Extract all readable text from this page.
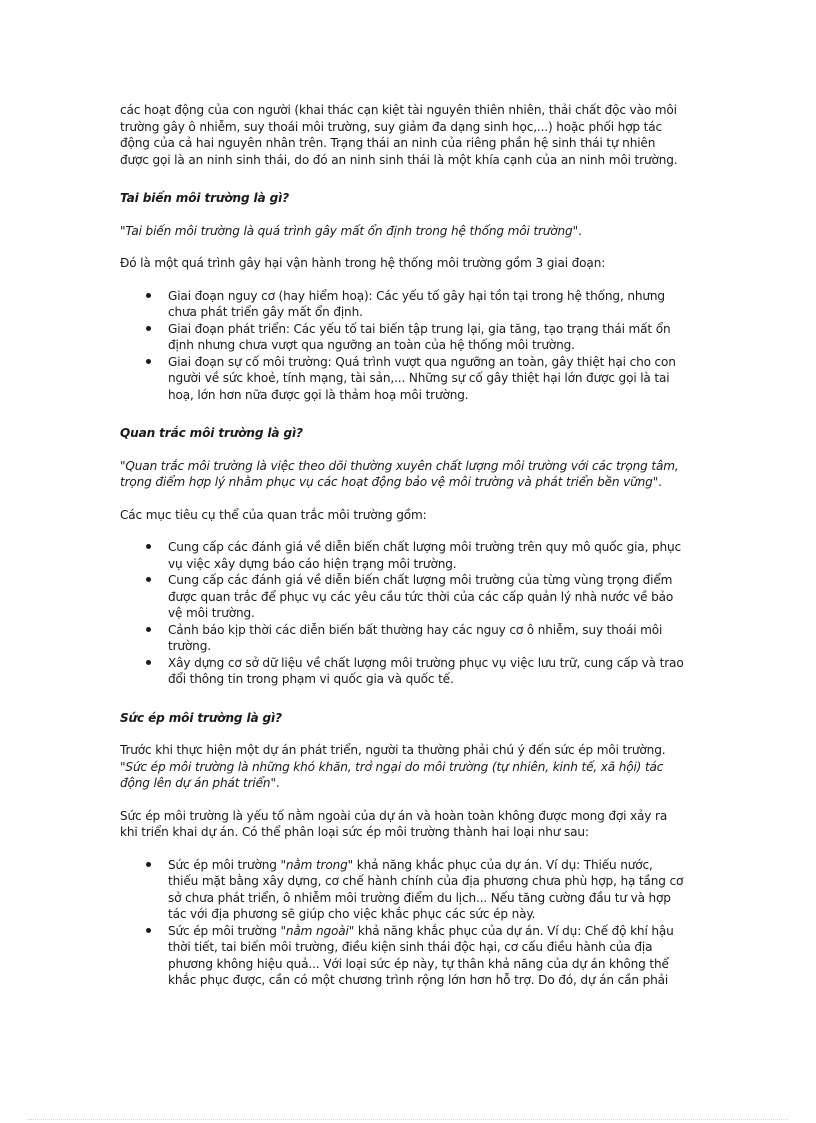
các hoạt động của con người (khai thác cạn kiệt tài nguyên thiên nhiên, thải chất độc vào môi trường gây ô nhiễm, suy thoái môi trường, suy giảm đa dạng sinh học,...) hoặc phối hợp tác động của cả hai nguyên nhân trên. Trạng thái an ninh của riêng phần hệ sinh thái tự nhiên được gọi là an ninh sinh thái, do đó an ninh sinh thái là một khía cạnh của an ninh môi trường.

Tai biến môi trường là gì?

"Tai biến môi trường là quá trình gây mất ổn định trong hệ thống môi trường".

Đó là một quá trình gây hại vận hành trong hệ thống môi trường gồm 3 giai đoạn:

Giai đoạn nguy cơ (hay hiểm hoạ): Các yếu tố gây hại tồn tại trong hệ thống, nhưng chưa phát triển gây mất ổn định.
Giai đoạn phát triển: Các yếu tố tai biến tập trung lại, gia tăng, tạo trạng thái mất ổn định nhưng chưa vượt qua ngưỡng an toàn của hệ thống môi trường.
Giai đoạn sự cố môi trường: Quá trình vượt qua ngưỡng an toàn, gây thiệt hại cho con người về sức khoẻ, tính mạng, tài sản,... Những sự cố gây thiệt hại lớn được gọi là tai hoạ, lớn hơn nữa được gọi là thảm hoạ môi trường.

Quan trắc môi trường là gì?

"Quan trắc môi trường là việc theo dõi thường xuyên chất lượng môi trường với các trọng tâm, trọng điểm hợp lý nhằm phục vụ các hoạt động bảo vệ môi trường và phát triển bền vững".

Các mục tiêu cụ thể của quan trắc môi trường gồm:

Cung cấp các đánh giá về diễn biến chất lượng môi trường trên quy mô quốc gia, phục vụ việc xây dựng báo cáo hiện trạng môi trường.
Cung cấp các đánh giá về diễn biến chất lượng môi trường của từng vùng trọng điểm được quan trắc để phục vụ các yêu cầu tức thời của các cấp quản lý nhà nước về bảo vệ môi trường.
Cảnh báo kịp thời các diễn biến bất thường hay các nguy cơ ô nhiễm, suy thoái môi trường.
Xây dựng cơ sở dữ liệu về chất lượng môi trường phục vụ việc lưu trữ, cung cấp và trao đổi thông tin trong phạm vi quốc gia và quốc tế.

Sức ép môi trường là gì?

Trước khi thực hiện một dự án phát triển, người ta thường phải chú ý đến sức ép môi trường. "Sức ép môi trường là những khó khăn, trở ngại do môi trường (tự nhiên, kinh tế, xã hội) tác động lên dự án phát triển".

Sức ép môi trường là yếu tố nằm ngoài của dự án và hoàn toàn không được mong đợi xảy ra khi triển khai dự án. Có thể phân loại sức ép môi trường thành hai loại như sau:

Sức ép môi trường "nằm trong" khả năng khắc phục của dự án. Ví dụ: Thiếu nước, thiếu mặt bằng xây dựng, cơ chế hành chính của địa phương chưa phù hợp, hạ tầng cơ sở chưa phát triển, ô nhiễm môi trường điểm du lịch... Nếu tăng cường đầu tư và hợp tác với địa phương sẽ giúp cho việc khắc phục các sức ép này.
Sức ép môi trường "nằm ngoài" khả năng khắc phục của dự án. Ví dụ: Chế độ khí hậu thời tiết, tai biến môi trường, điều kiện sinh thái độc hại, cơ cấu điều hành của địa phương không hiệu quả... Với loại sức ép này, tự thân khả năng của dự án không thể khắc phục được, cần có một chương trình rộng lớn hơn hỗ trợ. Do đó, dự án cần phải
